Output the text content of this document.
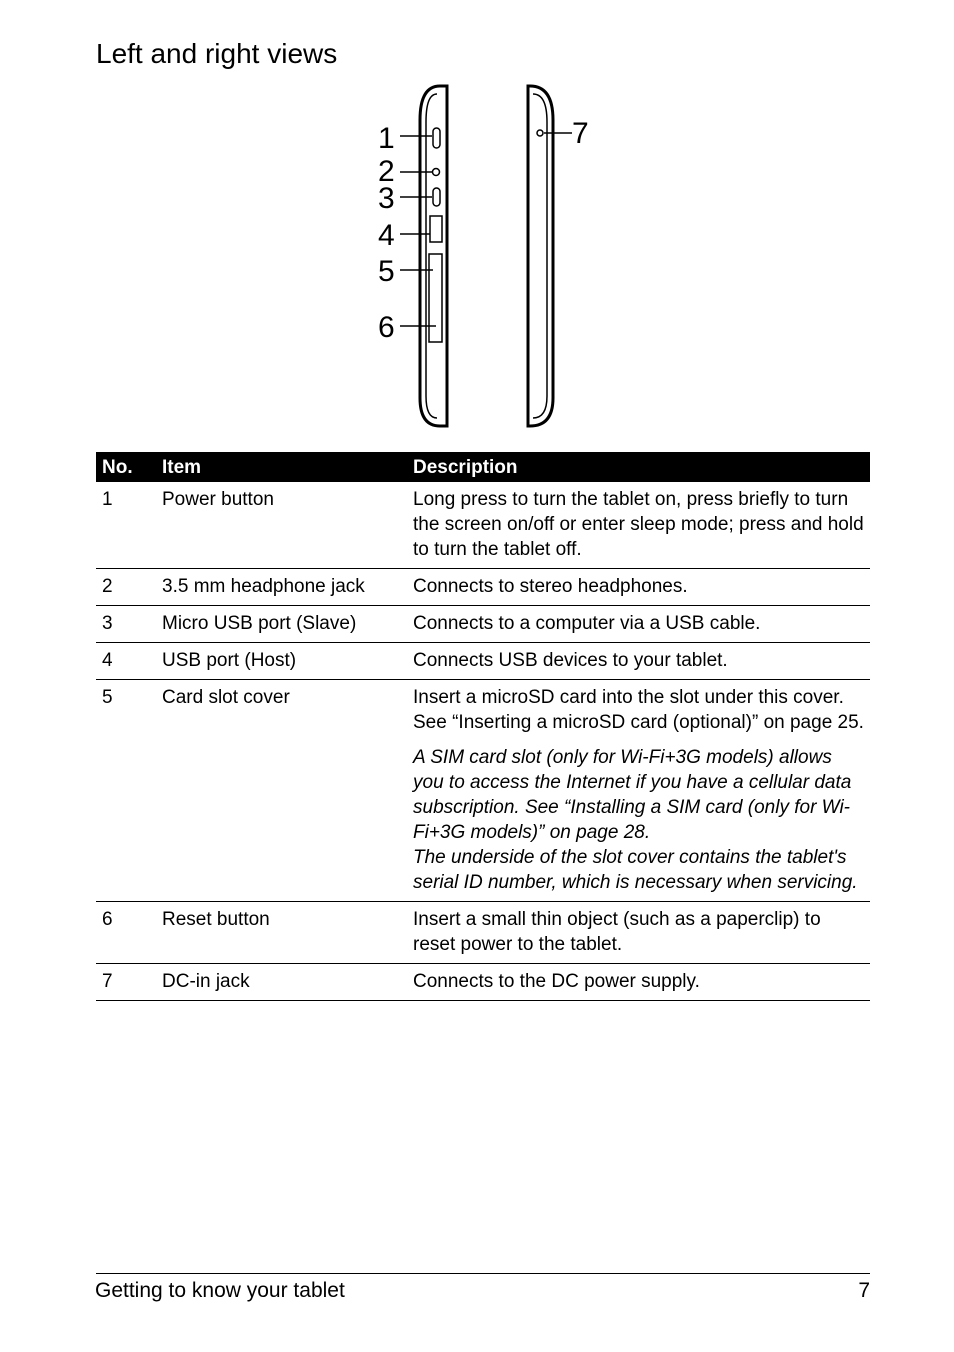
Left and right views
1
2
3
4
5
6
7
No.	Item	Description
1	Power button	Long press to turn the tablet on, press briefly to turn the screen on/off or enter sleep mode; press and hold to turn the tablet off.
2	3.5 mm headphone jack	Connects to stereo headphones.
3	Micro USB port (Slave)	Connects to a computer via a USB cable.
4	USB port (Host)	Connects USB devices to your tablet.
5	Card slot cover	Insert a microSD card into the slot under this cover. See “Inserting a microSD card (optional)” on page 25.

		A SIM card slot (only for Wi-Fi+3G models) allows you to access the Internet if you have a cellular data subscription. See “Installing a SIM card (only for Wi-Fi+3G models)” on page 28.
The underside of the slot cover contains the tablet's serial ID number, which is necessary when servicing.

6	Reset button	Insert a small thin object (such as a paperclip) to reset power to the tablet.
7	DC-in jack	Connects to the DC power supply.
Getting to know your tablet	7
